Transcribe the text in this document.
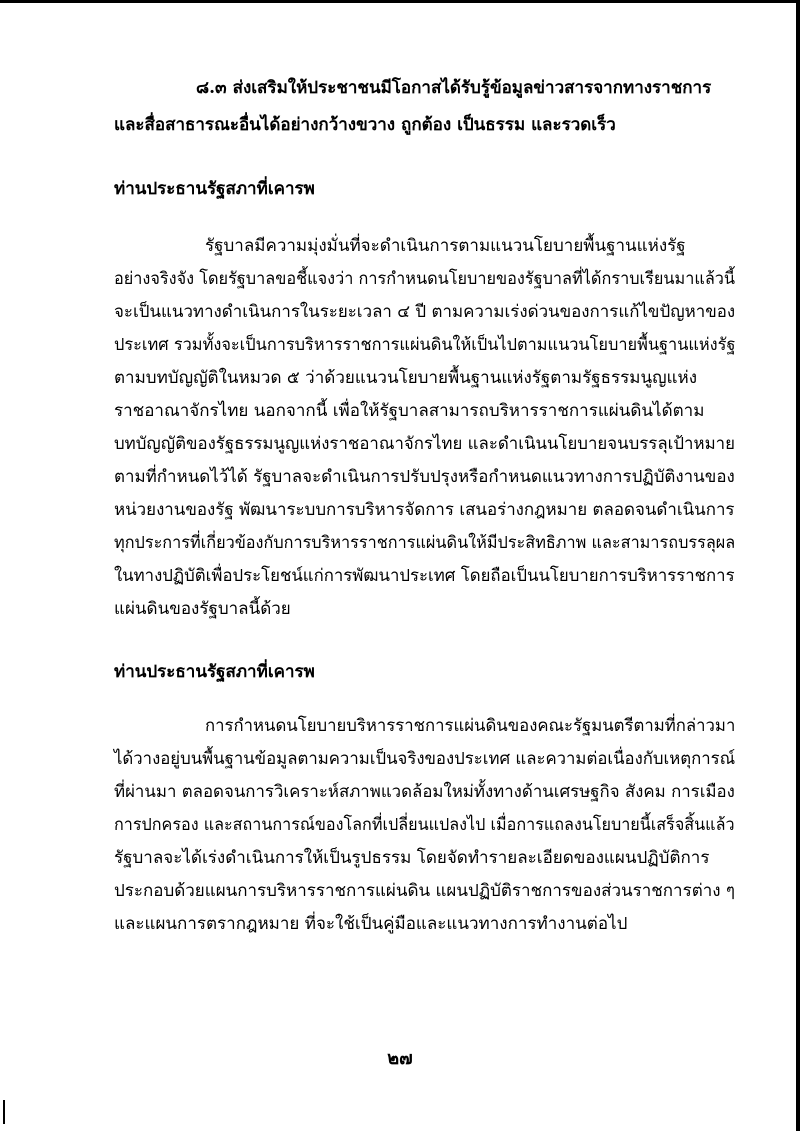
๘.๓ ส่งเสริมให้ประชาชนมีโอกาสได้รับรู้ข้อมูลข่าวสารจากทางราชการ
และสื่อสาธารณะอื่นได้อย่างกว้างขวาง ถูกต้อง เป็นธรรม และรวดเร็ว
ท่านประธานรัฐสภาที่เคารพ
รัฐบาลมีความมุ่งมั่นที่จะดำเนินการตามแนวนโยบายพื้นฐานแห่งรัฐ
อย่างจริงจัง โดยรัฐบาลขอชี้แจงว่า การกำหนดนโยบายของรัฐบาลที่ได้กราบเรียนมาแล้วนี้
จะเป็นแนวทางดำเนินการในระยะเวลา ๔ ปี ตามความเร่งด่วนของการแก้ไขปัญหาของ
ประเทศ รวมทั้งจะเป็นการบริหารราชการแผ่นดินให้เป็นไปตามแนวนโยบายพื้นฐานแห่งรัฐ
ตามบทบัญญัติในหมวด ๕ ว่าด้วยแนวนโยบายพื้นฐานแห่งรัฐตามรัฐธรรมนูญแห่ง
ราชอาณาจักรไทย นอกจากนี้ เพื่อให้รัฐบาลสามารถบริหารราชการแผ่นดินได้ตาม
บทบัญญัติของรัฐธรรมนูญแห่งราชอาณาจักรไทย และดำเนินนโยบายจนบรรลุเป้าหมาย
ตามที่กำหนดไว้ได้ รัฐบาลจะดำเนินการปรับปรุงหรือกำหนดแนวทางการปฏิบัติงานของ
หน่วยงานของรัฐ พัฒนาระบบการบริหารจัดการ เสนอร่างกฎหมาย ตลอดจนดำเนินการ
ทุกประการที่เกี่ยวข้องกับการบริหารราชการแผ่นดินให้มีประสิทธิภาพ และสามารถบรรลุผล
ในทางปฏิบัติเพื่อประโยชน์แก่การพัฒนาประเทศ โดยถือเป็นนโยบายการบริหารราชการ
แผ่นดินของรัฐบาลนี้ด้วย
ท่านประธานรัฐสภาที่เคารพ
การกำหนดนโยบายบริหารราชการแผ่นดินของคณะรัฐมนตรีตามที่กล่าวมา
ได้วางอยู่บนพื้นฐานข้อมูลตามความเป็นจริงของประเทศ และความต่อเนื่องกับเหตุการณ์
ที่ผ่านมา ตลอดจนการวิเคราะห์สภาพแวดล้อมใหม่ทั้งทางด้านเศรษฐกิจ สังคม การเมือง
การปกครอง และสถานการณ์ของโลกที่เปลี่ยนแปลงไป เมื่อการแถลงนโยบายนี้เสร็จสิ้นแล้ว
รัฐบาลจะได้เร่งดำเนินการให้เป็นรูปธรรม โดยจัดทำรายละเอียดของแผนปฏิบัติการ
ประกอบด้วยแผนการบริหารราชการแผ่นดิน แผนปฏิบัติราชการของส่วนราชการต่าง ๆ
และแผนการตรากฎหมาย ที่จะใช้เป็นคู่มือและแนวทางการทำงานต่อไป
๒๗
